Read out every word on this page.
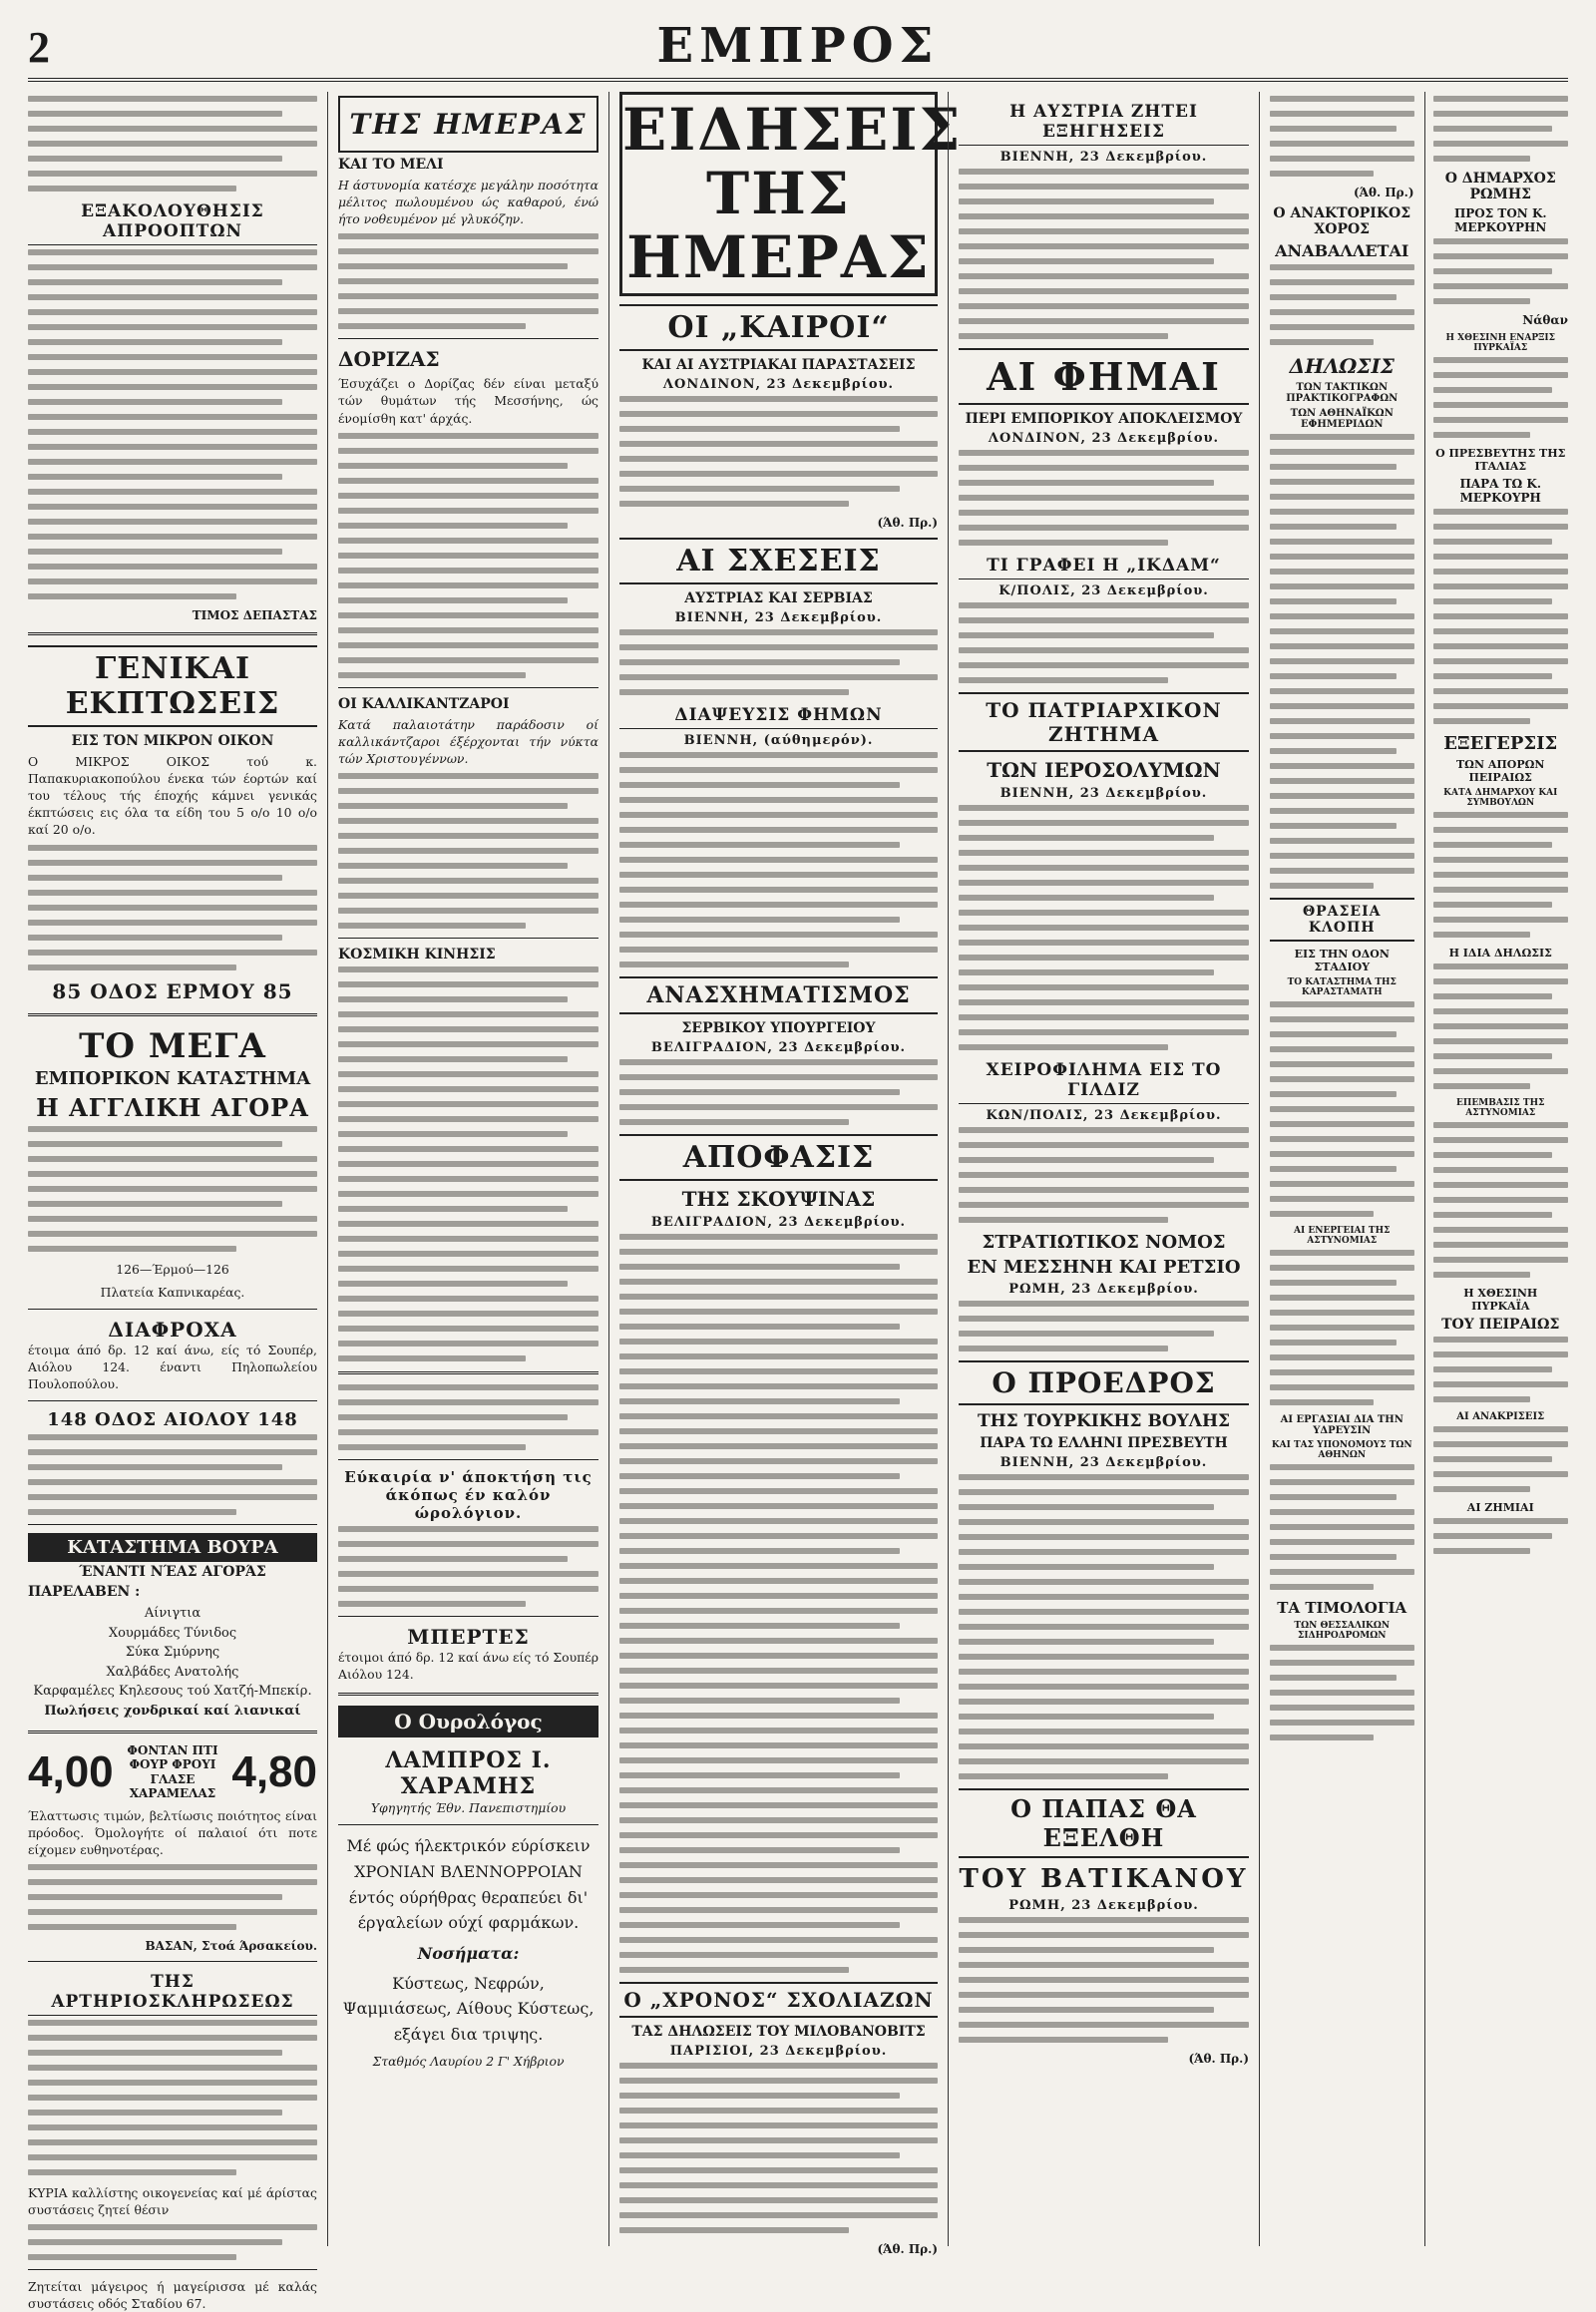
2	ΕΜΠΡΟΣ
ΕΞΑΚΟΛΟΥΘΗΣΙΣ ΑΠΡΟΟΠΤΩΝ
ΤΙΜΟΣ ΔΕΠΑΣΤΑΣ
ΓΕΝΙΚΑΙ ΕΚΠΤΩΣΕΙΣ
ΕΙΣ ΤΟΝ ΜΙΚΡΟΝ ΟΙΚΟΝ

Ο ΜΙΚΡΟΣ ΟΙΚΟΣ τού κ. Παπακυριακοπούλου ένεκα τών έορτών καί του τέλους τής έποχής κάμνει γενικάς έκπτώσεις εις όλα τα είδη του 5 ο/ο 10 ο/ο καί 20 ο/ο.

85 ΟΔΟΣ ΕΡΜΟΥ 85
ΤΟ ΜΕΓΑ
ΕΜΠΟΡΙΚΟΝ ΚΑΤΑΣΤΗΜΑ
Η ΑΓΓΛΙΚΗ ΑΓΟΡΑ
126—Έρμού—126
Πλατεία Καπνικαρέας.
ΔΙΑΦΡΟΧΑ

έτοιμα άπό δρ. 12 καί άνω, είς τό Σουπέρ, Αιόλου 124. έναντι Πηλοπωλείου Πουλοπούλου.

148 ΟΔΟΣ ΑΙΟΛΟΥ 148
ΚΑΤΑΣΤΗΜΑ ΒΟΥΡΑ
ΈΝΑΝΤΙ ΝΈΑΣ ΑΓΟΡΆΣ
ΠΑΡΕΛΑΒΕΝ :
Αίνιγτια
Χουρμάδες Τύνιδος
Σύκα Σμύρνης
Χαλβάδες Ανατολής
Καρφαμέλες Κηλεσους τού Χατζή-Μπεκίρ.
Πωλήσεις χονδρικαί καί λιανικαί
4,00	ΦΟΝΤΑΝ ΠΤΙ ΦΟΥΡ ΦΡΟΥΙ ΓΛΑΣΕ ΧΑΡΑΜΕΛΑΣ 4,80

Έλαττωσις τιμών, βελτίωσις ποιότητος είναι πρόοδος. Όμολογήτε οί παλαιοί ότι ποτε είχομεν ευθηνοτέρας.

ΒΑΣΑΝ, Στοά Άρσακείου.
ΤΗΣ ΑΡΤΗΡΙΟΣΚΛΗΡΩΣΕΩΣ

ΚΥΡΙΑ καλλίστης οικογενείας καί μέ άρίστας συστάσεις ζητεί θέσιν

Ζητείται μάγειρος ή μαγείρισσα μέ καλάς συστάσεις οδός Σταδίου 67.

ΤΗΣ ΗΜΕΡΑΣ
ΚΑΙ ΤΟ ΜΕΛΙ

Η άστυνομία κατέσχε μεγάλην ποσότητα μέλιτος πωλουμένου ώς καθαρού, ένώ ήτο νοθευμένον μέ γλυκόζην.

ΔΟΡΙΖΑΣ

Έσυχάζει ο Δορίζας δέν είναι μεταξύ τών θυμάτων τής Μεσσήνης, ώς ένομίσθη κατ' άρχάς.

ΟΙ ΚΑΛΛΙΚΑΝΤΖΑΡΟΙ

Κατά παλαιοτάτην παράδοσιν οί καλλικάντζαροι έξέρχονται τήν νύκτα τών Χριστουγέννων.

ΚΟΣΜΙΚΗ ΚΙΝΗΣΙΣ
Εύκαιρία ν' άποκτήση τις άκόπως έν καλόν ώρολόγιον.
ΜΠΕΡΤΕΣ

έτοιμοι άπό δρ. 12 καί άνω είς τό Σουπέρ Αιόλου 124.

Ο Ουρολόγος
ΛΑΜΠΡΟΣ Ι. ΧΑΡΑΜΗΣ
Υφηγητής Έθν. Πανεπιστημίου

Μέ φώς ήλεκτρικόν εύρίσκειν ΧΡΟΝΙΑΝ ΒΛΕΝΝΟΡΡΟΙΑΝ έντός ούρήθρας θεραπεύει δι' έργαλείων ούχί φαρμάκων.

Νοσήματα:

Κύστεως, Νεφρών, Ψαμμιάσεως, Αίθους Κύστεως, εξάγει δια τριψης.

Σταθμός Λαυρίου 2 Γ' Χήβριον
ΕΙΔΗΣΕΙΣ ΤΗΣ ΗΜΕΡΑΣ
ΟΙ „ΚΑΙΡΟΙ“
ΚΑΙ ΑΙ ΑΥΣΤΡΙΑΚΑΙ ΠΑΡΑΣΤΑΣΕΙΣ
ΛΟΝΔΙΝΟΝ, 23 Δεκεμβρίου.
(Άθ. Πρ.)
ΑΙ ΣΧΕΣΕΙΣ
ΑΥΣΤΡΙΑΣ ΚΑΙ ΣΕΡΒΙΑΣ
ΒΙΕΝΝΗ, 23 Δεκεμβρίου.
ΔΙΑΨΕΥΣΙΣ ΦΗΜΩΝ
ΒΙΕΝΝΗ, (αύθημερόν).
ΑΝΑΣΧΗΜΑΤΙΣΜΟΣ
ΣΕΡΒΙΚΟΥ ΥΠΟΥΡΓΕΙΟΥ
ΒΕΛΙΓΡΑΔΙΟΝ, 23 Δεκεμβρίου.
ΑΠΟΦΑΣΙΣ
ΤΗΣ ΣΚΟΥΨΙΝΑΣ
ΒΕΛΙΓΡΑΔΙΟΝ, 23 Δεκεμβρίου.
Ο „ΧΡΟΝΟΣ“ ΣΧΟΛΙΑΖΩΝ
ΤΑΣ ΔΗΛΩΣΕΙΣ ΤΟΥ ΜΙΛΟΒΑΝΟΒΙΤΣ
ΠΑΡΙΣΙΟΙ, 23 Δεκεμβρίου.
(Άθ. Πρ.)
Η ΑΥΣΤΡΙΑ ΖΗΤΕΙ ΕΞΗΓΗΣΕΙΣ
ΒΙΕΝΝΗ, 23 Δεκεμβρίου.
ΑΙ ΦΗΜΑΙ
ΠΕΡΙ ΕΜΠΟΡΙΚΟΥ ΑΠΟΚΛΕΙΣΜΟΥ
ΛΟΝΔΙΝΟΝ, 23 Δεκεμβρίου.
ΤΙ ΓΡΑΦΕΙ Η „ΙΚΔΑΜ“
Κ/ΠΟΛΙΣ, 23 Δεκεμβρίου.
ΤΟ ΠΑΤΡΙΑΡΧΙΚΟΝ ΖΗΤΗΜΑ
ΤΩΝ ΙΕΡΟΣΟΛΥΜΩΝ
ΒΙΕΝΝΗ, 23 Δεκεμβρίου.
ΧΕΙΡΟΦΙΛΗΜΑ ΕΙΣ ΤΟ ΓΙΛΔΙΖ
ΚΩΝ/ΠΟΛΙΣ, 23 Δεκεμβρίου.
ΣΤΡΑΤΙΩΤΙΚΟΣ ΝΟΜΟΣ
ΕΝ ΜΕΣΣΗΝΗ ΚΑΙ ΡΕΤΣΙΟ
ΡΩΜΗ, 23 Δεκεμβρίου.
Ο ΠΡΟΕΔΡΟΣ
ΤΗΣ ΤΟΥΡΚΙΚΗΣ ΒΟΥΛΗΣ
ΠΑΡΑ ΤΩ ΕΛΛΗΝΙ ΠΡΕΣΒΕΥΤΗ
ΒΙΕΝΝΗ, 23 Δεκεμβρίου.
Ο ΠΑΠΑΣ ΘΑ ΕΞΕΛΘΗ
ΤΟΥ ΒΑΤΙΚΑΝΟΥ
ΡΩΜΗ, 23 Δεκεμβρίου.
(Άθ. Πρ.)
(Άθ. Πρ.)
Ο ΑΝΑΚΤΟΡΙΚΟΣ ΧΟΡΟΣ
ΑΝΑΒΑΛΛΕΤΑΙ
ΔΗΛΩΣΙΣ
ΤΩΝ ΤΑΚΤΙΚΩΝ ΠΡΑΚΤΙΚΟΓΡΑΦΩΝ
ΤΩΝ ΑΘΗΝΑΪΚΩΝ ΕΦΗΜΕΡΙΔΩΝ
ΘΡΑΣΕΙΑ ΚΛΟΠΗ
ΕΙΣ ΤΗΝ ΟΔΟΝ ΣΤΑΔΙΟΥ
ΤΟ ΚΑΤΑΣΤΗΜΑ ΤΗΣ ΚΑΡΑΣΤΑΜΑΤΗ
ΑΙ ΕΝΕΡΓΕΙΑΙ ΤΗΣ ΑΣΤΥΝΟΜΙΑΣ
ΑΙ ΕΡΓΑΣΙΑΙ ΔΙΑ ΤΗΝ ΥΔΡΕΥΣΙΝ
ΚΑΙ ΤΑΣ ΥΠΟΝΟΜΟΥΣ ΤΩΝ ΑΘΗΝΩΝ
ΤΑ ΤΙΜΟΛΟΓΙΑ
ΤΩΝ ΘΕΣΣΑΛΙΚΩΝ ΣΙΔΗΡΟΔΡΟΜΩΝ
Ο ΔΗΜΑΡΧΟΣ ΡΩΜΗΣ
ΠΡΟΣ ΤΟΝ Κ. ΜΕΡΚΟΥΡΗΝ
Νάθαν
Η ΧΘΕΣΙΝΗ ΕΝΑΡΞΙΣ ΠΥΡΚΑΪΑΣ
Ο ΠΡΕΣΒΕΥΤΗΣ ΤΗΣ ΙΤΑΛΙΑΣ
ΠΑΡΑ ΤΩ Κ. ΜΕΡΚΟΥΡΗ
ΕΞΕΓΕΡΣΙΣ
ΤΩΝ ΑΠΟΡΩΝ ΠΕΙΡΑΙΩΣ
ΚΑΤΑ ΔΗΜΑΡΧΟΥ ΚΑΙ ΣΥΜΒΟΥΛΩΝ
Η ΙΔΙΑ ΔΗΛΩΣΙΣ
ΕΠΕΜΒΑΣΙΣ ΤΗΣ ΑΣΤΥΝΟΜΙΑΣ
Η ΧΘΕΣΙΝΗ ΠΥΡΚΑΪΑ
ΤΟΥ ΠΕΙΡΑΙΩΣ
ΑΙ ΑΝΑΚΡΙΣΕΙΣ
ΑΙ ΖΗΜΙΑΙ
